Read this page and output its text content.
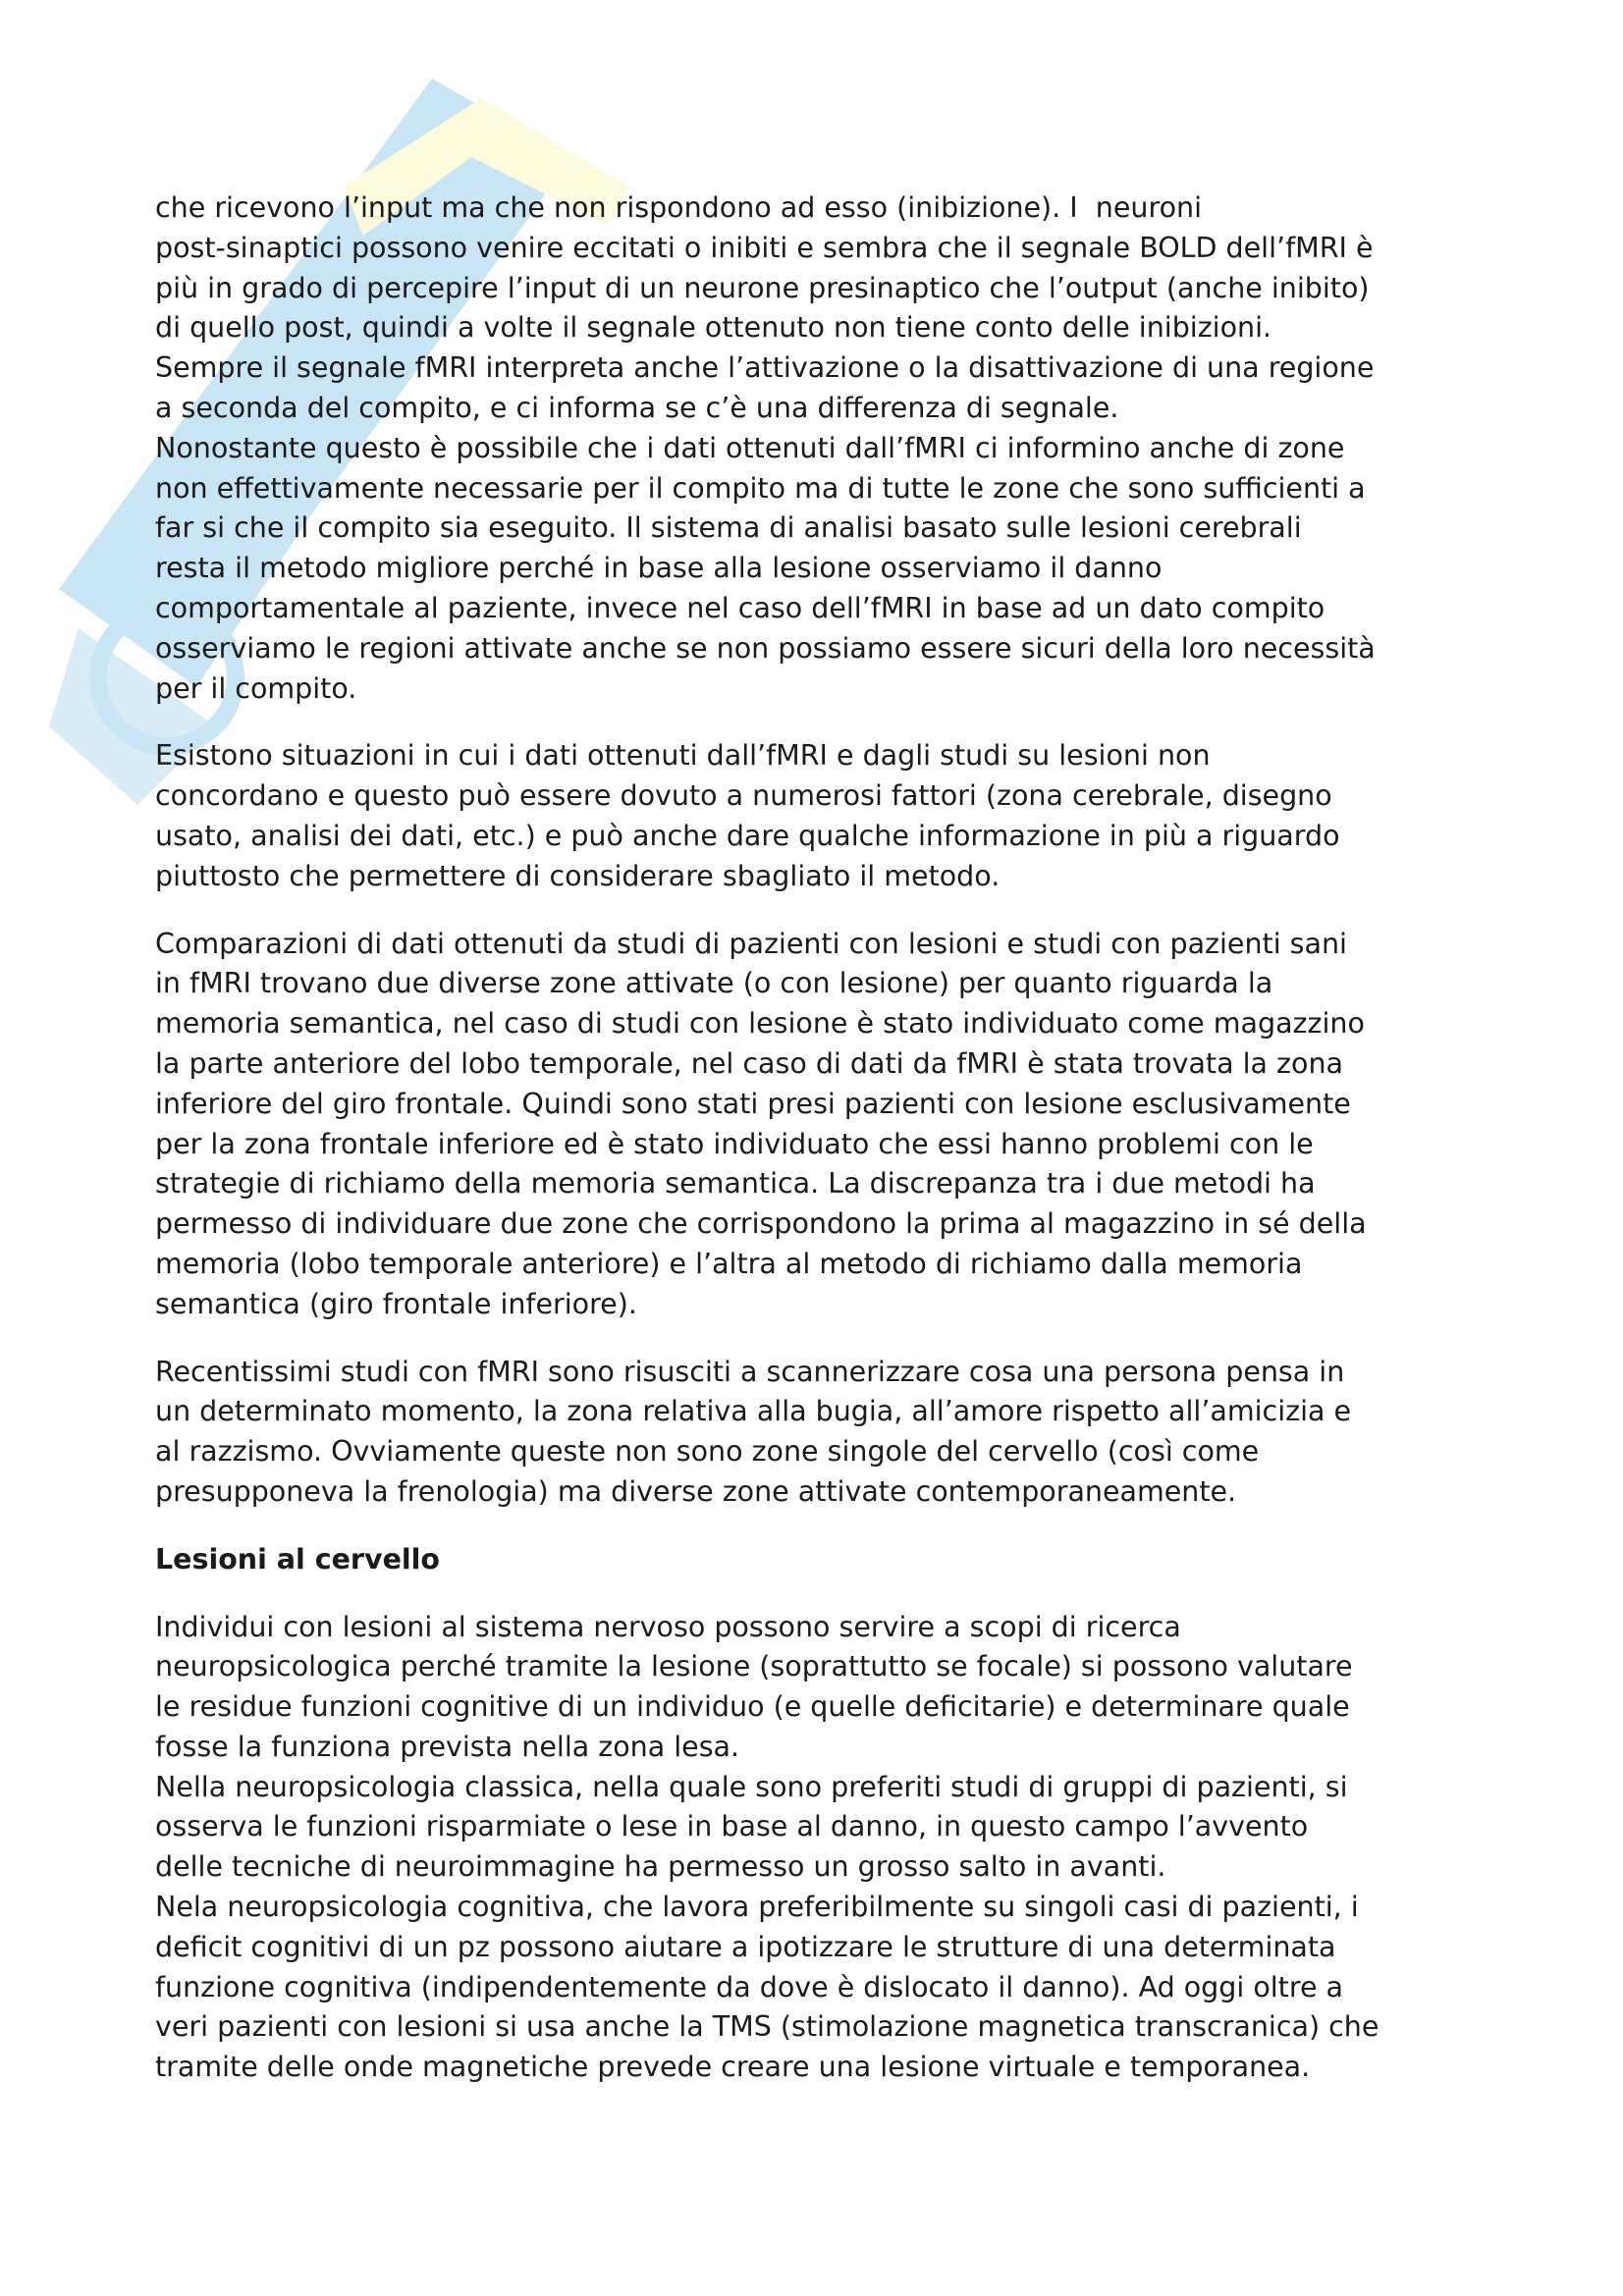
che ricevono l’input ma che non rispondono ad esso (inibizione). I  neuroni
post-sinaptici possono venire eccitati o inibiti e sembra che il segnale BOLD dell’fMRI è
più in grado di percepire l’input di un neurone presinaptico che l’output (anche inibito)
di quello post, quindi a volte il segnale ottenuto non tiene conto delle inibizioni.
Sempre il segnale fMRI interpreta anche l’attivazione o la disattivazione di una regione
a seconda del compito, e ci informa se c’è una differenza di segnale.
Nonostante questo è possibile che i dati ottenuti dall’fMRI ci informino anche di zone
non effettivamente necessarie per il compito ma di tutte le zone che sono sufficienti a
far si che il compito sia eseguito. Il sistema di analisi basato sulle lesioni cerebrali
resta il metodo migliore perché in base alla lesione osserviamo il danno
comportamentale al paziente, invece nel caso dell’fMRI in base ad un dato compito
osserviamo le regioni attivate anche se non possiamo essere sicuri della loro necessità
per il compito.
Esistono situazioni in cui i dati ottenuti dall’fMRI e dagli studi su lesioni non
concordano e questo può essere dovuto a numerosi fattori (zona cerebrale, disegno
usato, analisi dei dati, etc.) e può anche dare qualche informazione in più a riguardo
piuttosto che permettere di considerare sbagliato il metodo.
Comparazioni di dati ottenuti da studi di pazienti con lesioni e studi con pazienti sani
in fMRI trovano due diverse zone attivate (o con lesione) per quanto riguarda la
memoria semantica, nel caso di studi con lesione è stato individuato come magazzino
la parte anteriore del lobo temporale, nel caso di dati da fMRI è stata trovata la zona
inferiore del giro frontale. Quindi sono stati presi pazienti con lesione esclusivamente
per la zona frontale inferiore ed è stato individuato che essi hanno problemi con le
strategie di richiamo della memoria semantica. La discrepanza tra i due metodi ha
permesso di individuare due zone che corrispondono la prima al magazzino in sé della
memoria (lobo temporale anteriore) e l’altra al metodo di richiamo dalla memoria
semantica (giro frontale inferiore).
Recentissimi studi con fMRI sono risusciti a scannerizzare cosa una persona pensa in
un determinato momento, la zona relativa alla bugia, all’amore rispetto all’amicizia e
al razzismo. Ovviamente queste non sono zone singole del cervello (così come
presupponeva la frenologia) ma diverse zone attivate contemporaneamente.
Lesioni al cervello
Individui con lesioni al sistema nervoso possono servire a scopi di ricerca
neuropsicologica perché tramite la lesione (soprattutto se focale) si possono valutare
le residue funzioni cognitive di un individuo (e quelle deficitarie) e determinare quale
fosse la funziona prevista nella zona lesa.
Nella neuropsicologia classica, nella quale sono preferiti studi di gruppi di pazienti, si
osserva le funzioni risparmiate o lese in base al danno, in questo campo l’avvento
delle tecniche di neuroimmagine ha permesso un grosso salto in avanti.
Nela neuropsicologia cognitiva, che lavora preferibilmente su singoli casi di pazienti, i
deficit cognitivi di un pz possono aiutare a ipotizzare le strutture di una determinata
funzione cognitiva (indipendentemente da dove è dislocato il danno). Ad oggi oltre a
veri pazienti con lesioni si usa anche la TMS (stimolazione magnetica transcranica) che
tramite delle onde magnetiche prevede creare una lesione virtuale e temporanea.
